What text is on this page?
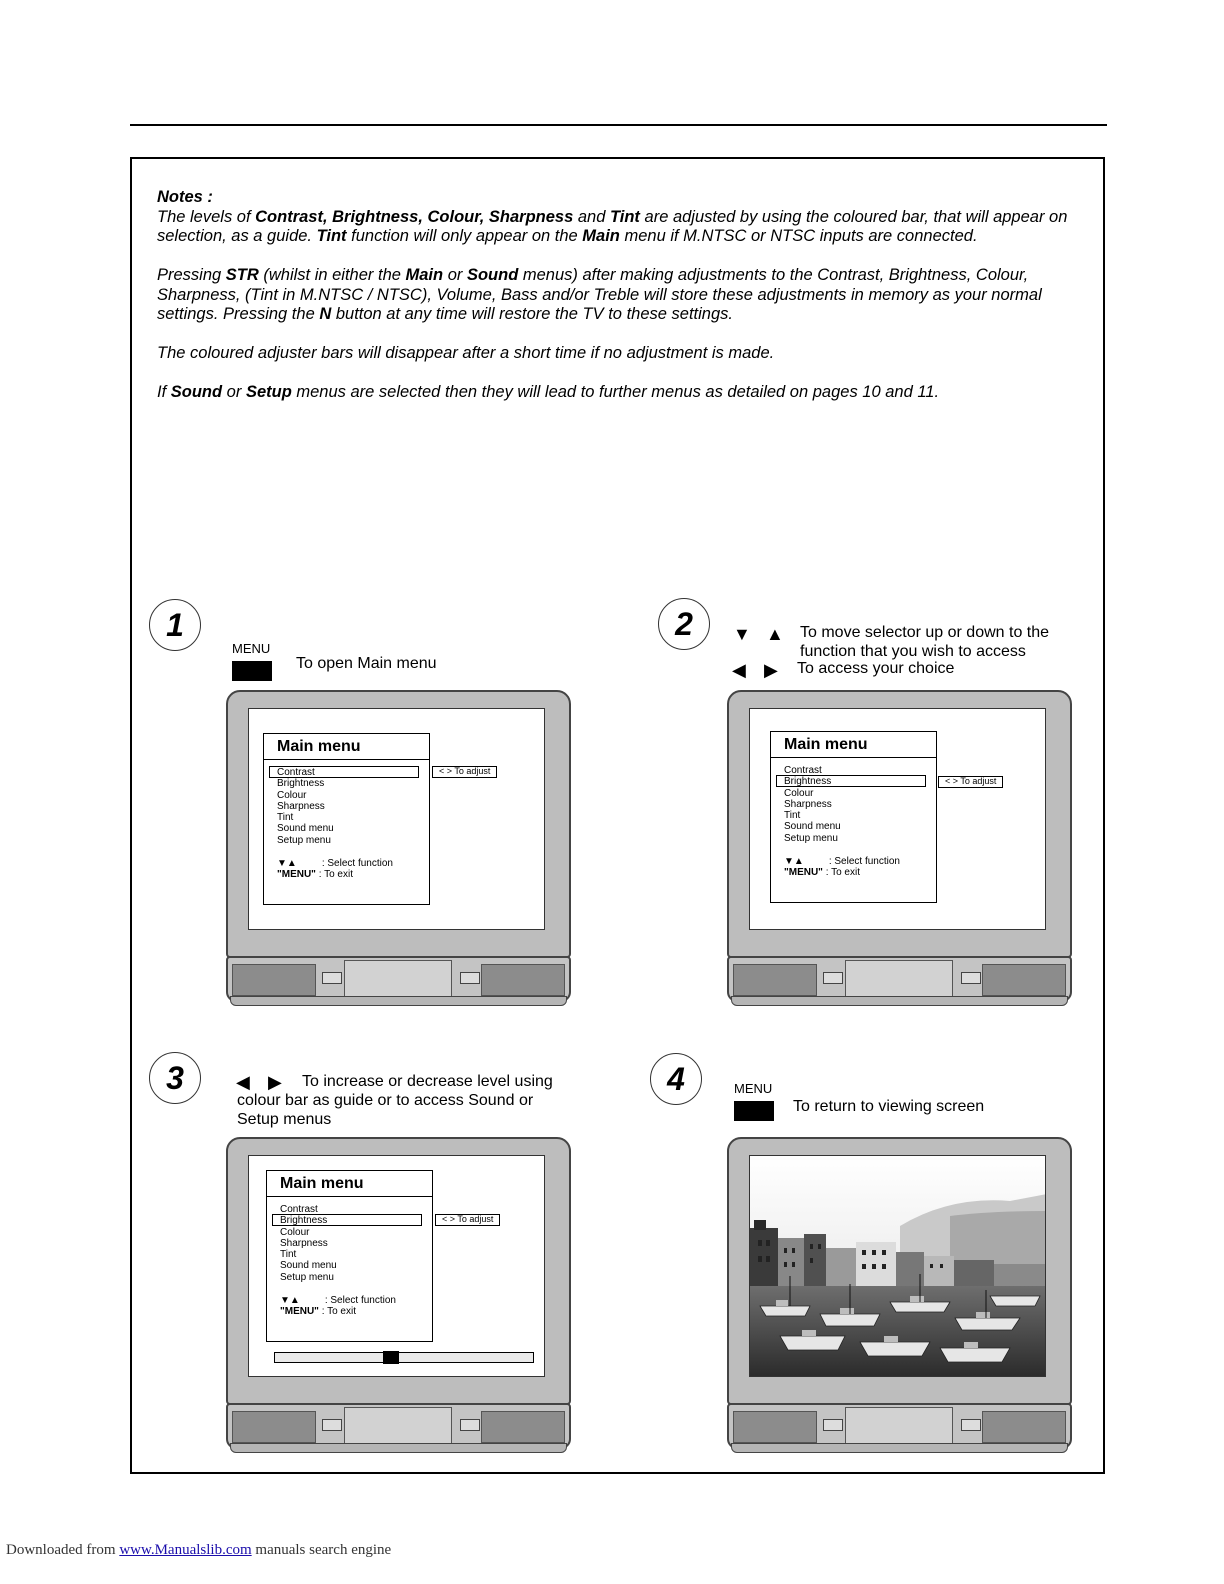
Notes :

The levels of Contrast, Brightness, Colour, Sharpness and Tint are adjusted by using the coloured bar, that will appear on selection, as a guide. Tint function will only appear on the Main menu if M.NTSC or NTSC inputs are connected.

Pressing STR (whilst in either the Main or Sound menus) after making adjustments to the Contrast, Brightness, Colour, Sharpness, (Tint in M.NTSC / NTSC), Volume, Bass and/or Treble will store these adjustments in memory as your normal settings. Pressing the N button at any time will restore the TV to these settings.

The coloured adjuster bars will disappear after a short time if no adjustment is made.

If Sound or Setup menus are selected then they will lead to further menus as detailed on pages 10 and 11.

1
MENU
To open Main menu
2	▼ ▲ To move selector up or down to the
function that you wish to access
◀ ▶ To access your choice
3	◀ ▶ To increase or decrease level using
colour bar as guide or to access Sound or
Setup menus
4	MENU
To return to viewing screen
Main menu
Contrast
Brightness
Colour
Sharpness
Tint
Sound menu
Setup menu
▼▲	: Select function
"MENU" : To exit
< > To adjust
Main menu
Contrast
Brightness
Colour
Sharpness
Tint
Sound menu
Setup menu
▼▲	: Select function
"MENU" : To exit
< > To adjust
Main menu
Contrast
Brightness
Colour
Sharpness
Tint
Sound menu
Setup menu
▼▲	: Select function
"MENU" : To exit
< > To adjust
Downloaded from www.Manualslib.com manuals search engine
